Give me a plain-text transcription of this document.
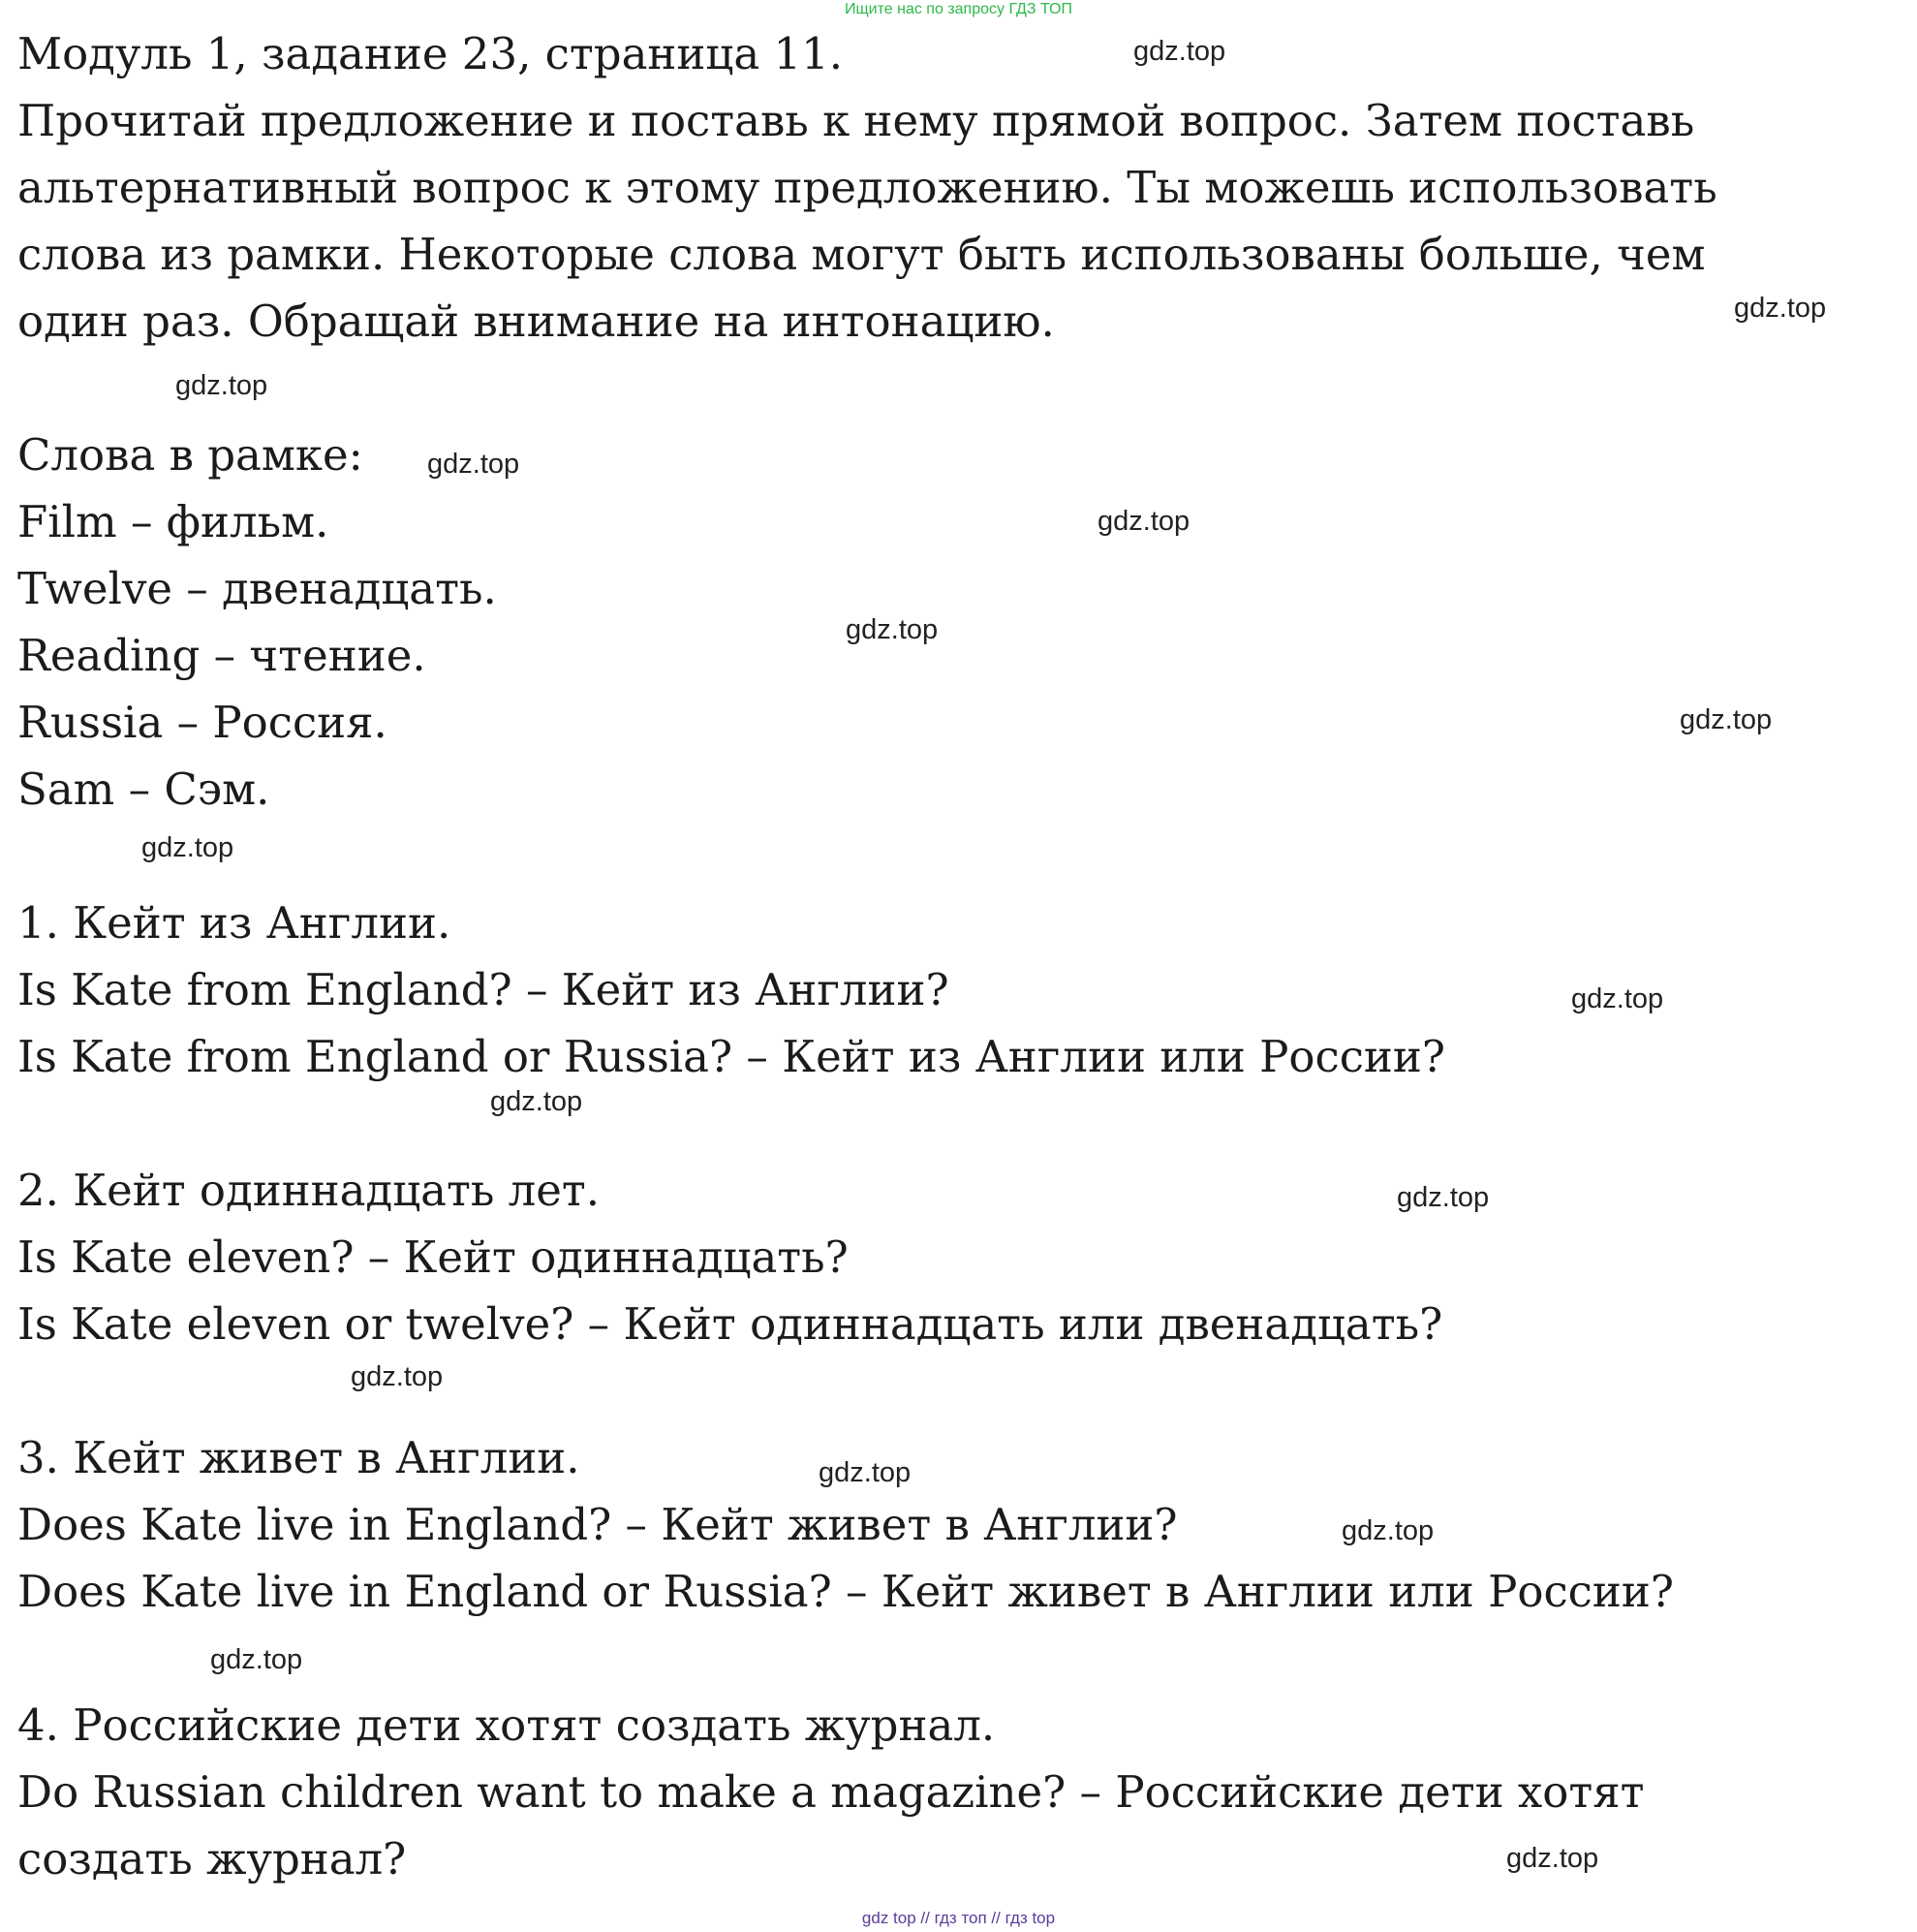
Ищите нас по запросу ГДЗ ТОП

Модуль 1, задание 23, страница 11.

Прочитай предложение и поставь к нему прямой вопрос. Затем поставь

альтернативный вопрос к этому предложению. Ты можешь использовать

слова из рамки. Некоторые слова могут быть использованы больше, чем

один раз. Обращай внимание на интонацию.

Слова в рамке:

Film – фильм.

Twelve – двенадцать.

Reading – чтение.

Russia – Россия.

Sam – Сэм.

1. Кейт из Англии.

Is Kate from England? – Кейт из Англии?

Is Kate from England or Russia? – Кейт из Англии или России?

2. Кейт одиннадцать лет.

Is Kate eleven? – Кейт одиннадцать?

Is Kate eleven or twelve? – Кейт одиннадцать или двенадцать?

3. Кейт живет в Англии.

Does Kate live in England? – Кейт живет в Англии?

Does Kate live in England or Russia? – Кейт живет в Англии или России?

4. Российские дети хотят создать журнал.

Do Russian children want to make a magazine? – Российские дети хотят

создать журнал?

gdz.top
gdz.top
gdz.top
gdz.top
gdz.top
gdz.top
gdz.top
gdz.top
gdz.top
gdz.top
gdz.top
gdz.top
gdz.top
gdz.top
gdz.top
gdz.top
gdz top // гдз топ // гдз top
